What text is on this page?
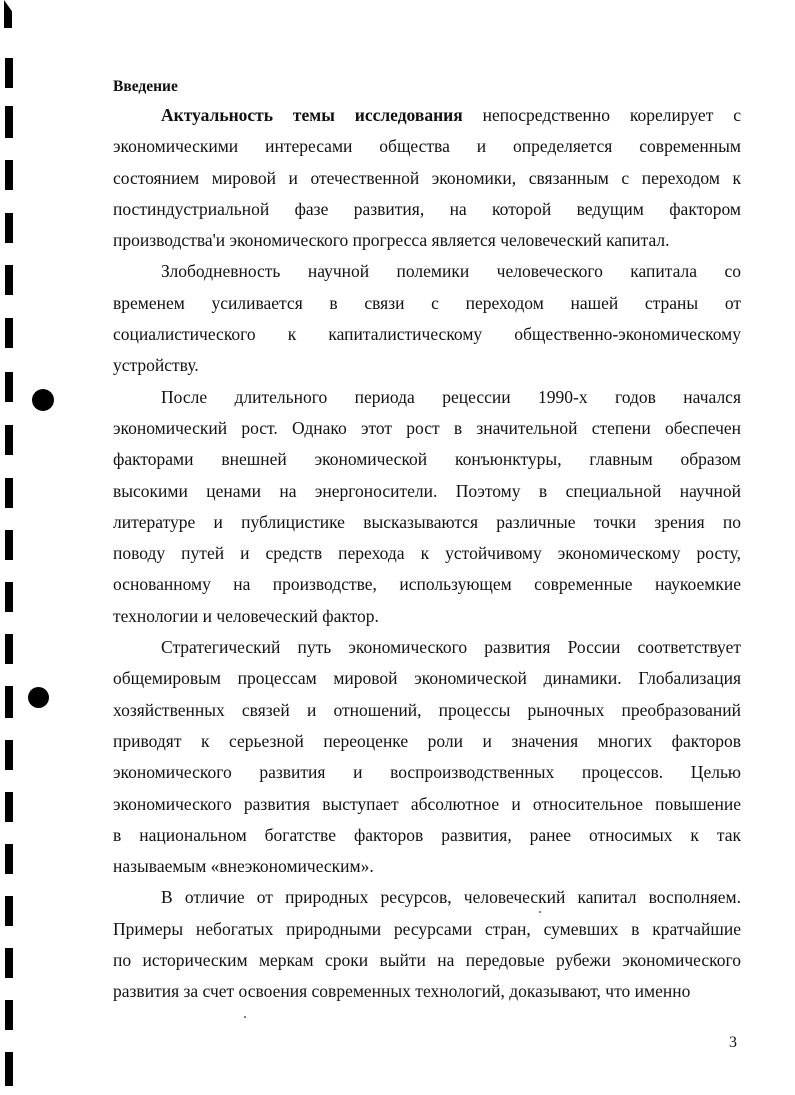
Введение
Актуальность темы исследования непосредственно корелирует с
экономическими интересами общества и определяется современным
состоянием мировой и отечественной экономики, связанным с переходом к
постиндустриальной фазе развития, на которой ведущим фактором
производства'и экономического прогресса является человеческий капитал.
Злободневность научной полемики человеческого капитала со
временем усиливается в связи с переходом нашей страны от
социалистического к капиталистическому общественно-экономическому
устройству.
После длительного периода рецессии 1990-х годов начался
экономический рост. Однако этот рост в значительной степени обеспечен
факторами внешней экономической конъюнктуры, главным образом
высокими ценами на энергоносители. Поэтому в специальной научной
литературе и публицистике высказываются различные точки зрения по
поводу путей и средств перехода к устойчивому экономическому росту,
основанному на производстве, использующем современные наукоемкие
технологии и человеческий фактор.
Стратегический путь экономического развития России соответствует
общемировым процессам мировой экономической динамики. Глобализация
хозяйственных связей и отношений, процессы рыночных преобразований
приводят к серьезной переоценке роли и значения многих факторов
экономического развития и воспроизводственных процессов. Целью
экономического развития выступает абсолютное и относительное повышение
в национальном богатстве факторов развития, ранее относимых к так
называемым «внеэкономическим».
В отличие от природных ресурсов, человеческий капитал восполняем.
Примеры небогатых природными ресурсами стран, сумевших в кратчайшие
по историческим меркам сроки выйти на передовые рубежи экономического
развития за счет освоения современных технологий, доказывают, что именно
3
